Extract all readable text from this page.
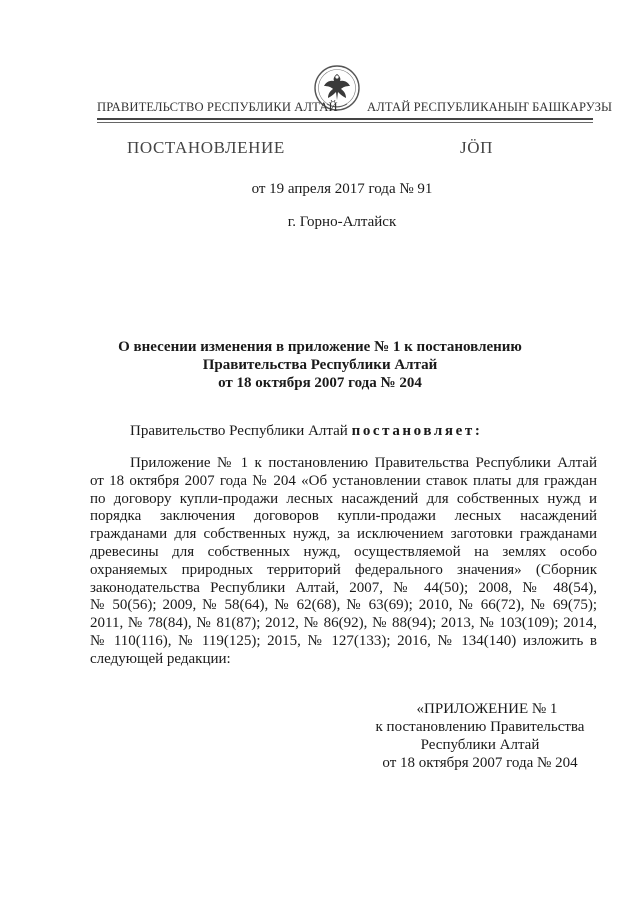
ПРАВИТЕЛЬСТВО РЕСПУБЛИКИ АЛТАЙ АЛТАЙ РЕСПУБЛИКАНЫҤ БАШКАРУЗЫ
ПОСТАНОВЛЕНИЕ	JӦП
от 19 апреля 2017 года № 91
г. Горно-Алтайск
О внесении изменения в приложение № 1 к постановлению
Правительства Республики Алтай
от 18 октября 2007 года № 204
Правительство Республики Алтай постановляет:
Приложение № 1 к постановлению Правительства Республики Алтай
от 18 октября 2007 года № 204 «Об установлении ставок платы для граждан
по договору купли-продажи лесных насаждений для собственных нужд и
порядка заключения договоров купли-продажи лесных насаждений
гражданами для собственных нужд, за исключением заготовки гражданами
древесины для собственных нужд, осуществляемой на землях особо
охраняемых природных территорий федерального значения» (Сборник
законодательства Республики Алтай, 2007, № 44(50); 2008, № 48(54),
№ 50(56); 2009, № 58(64), № 62(68), № 63(69); 2010, № 66(72), № 69(75);
2011, № 78(84), № 81(87); 2012, № 86(92), № 88(94); 2013, № 103(109); 2014,
№ 110(116), № 119(125); 2015, № 127(133); 2016, № 134(140) изложить в
следующей редакции:
«ПРИЛОЖЕНИЕ № 1
к постановлению Правительства
Республики Алтай
от 18 октября 2007 года № 204
